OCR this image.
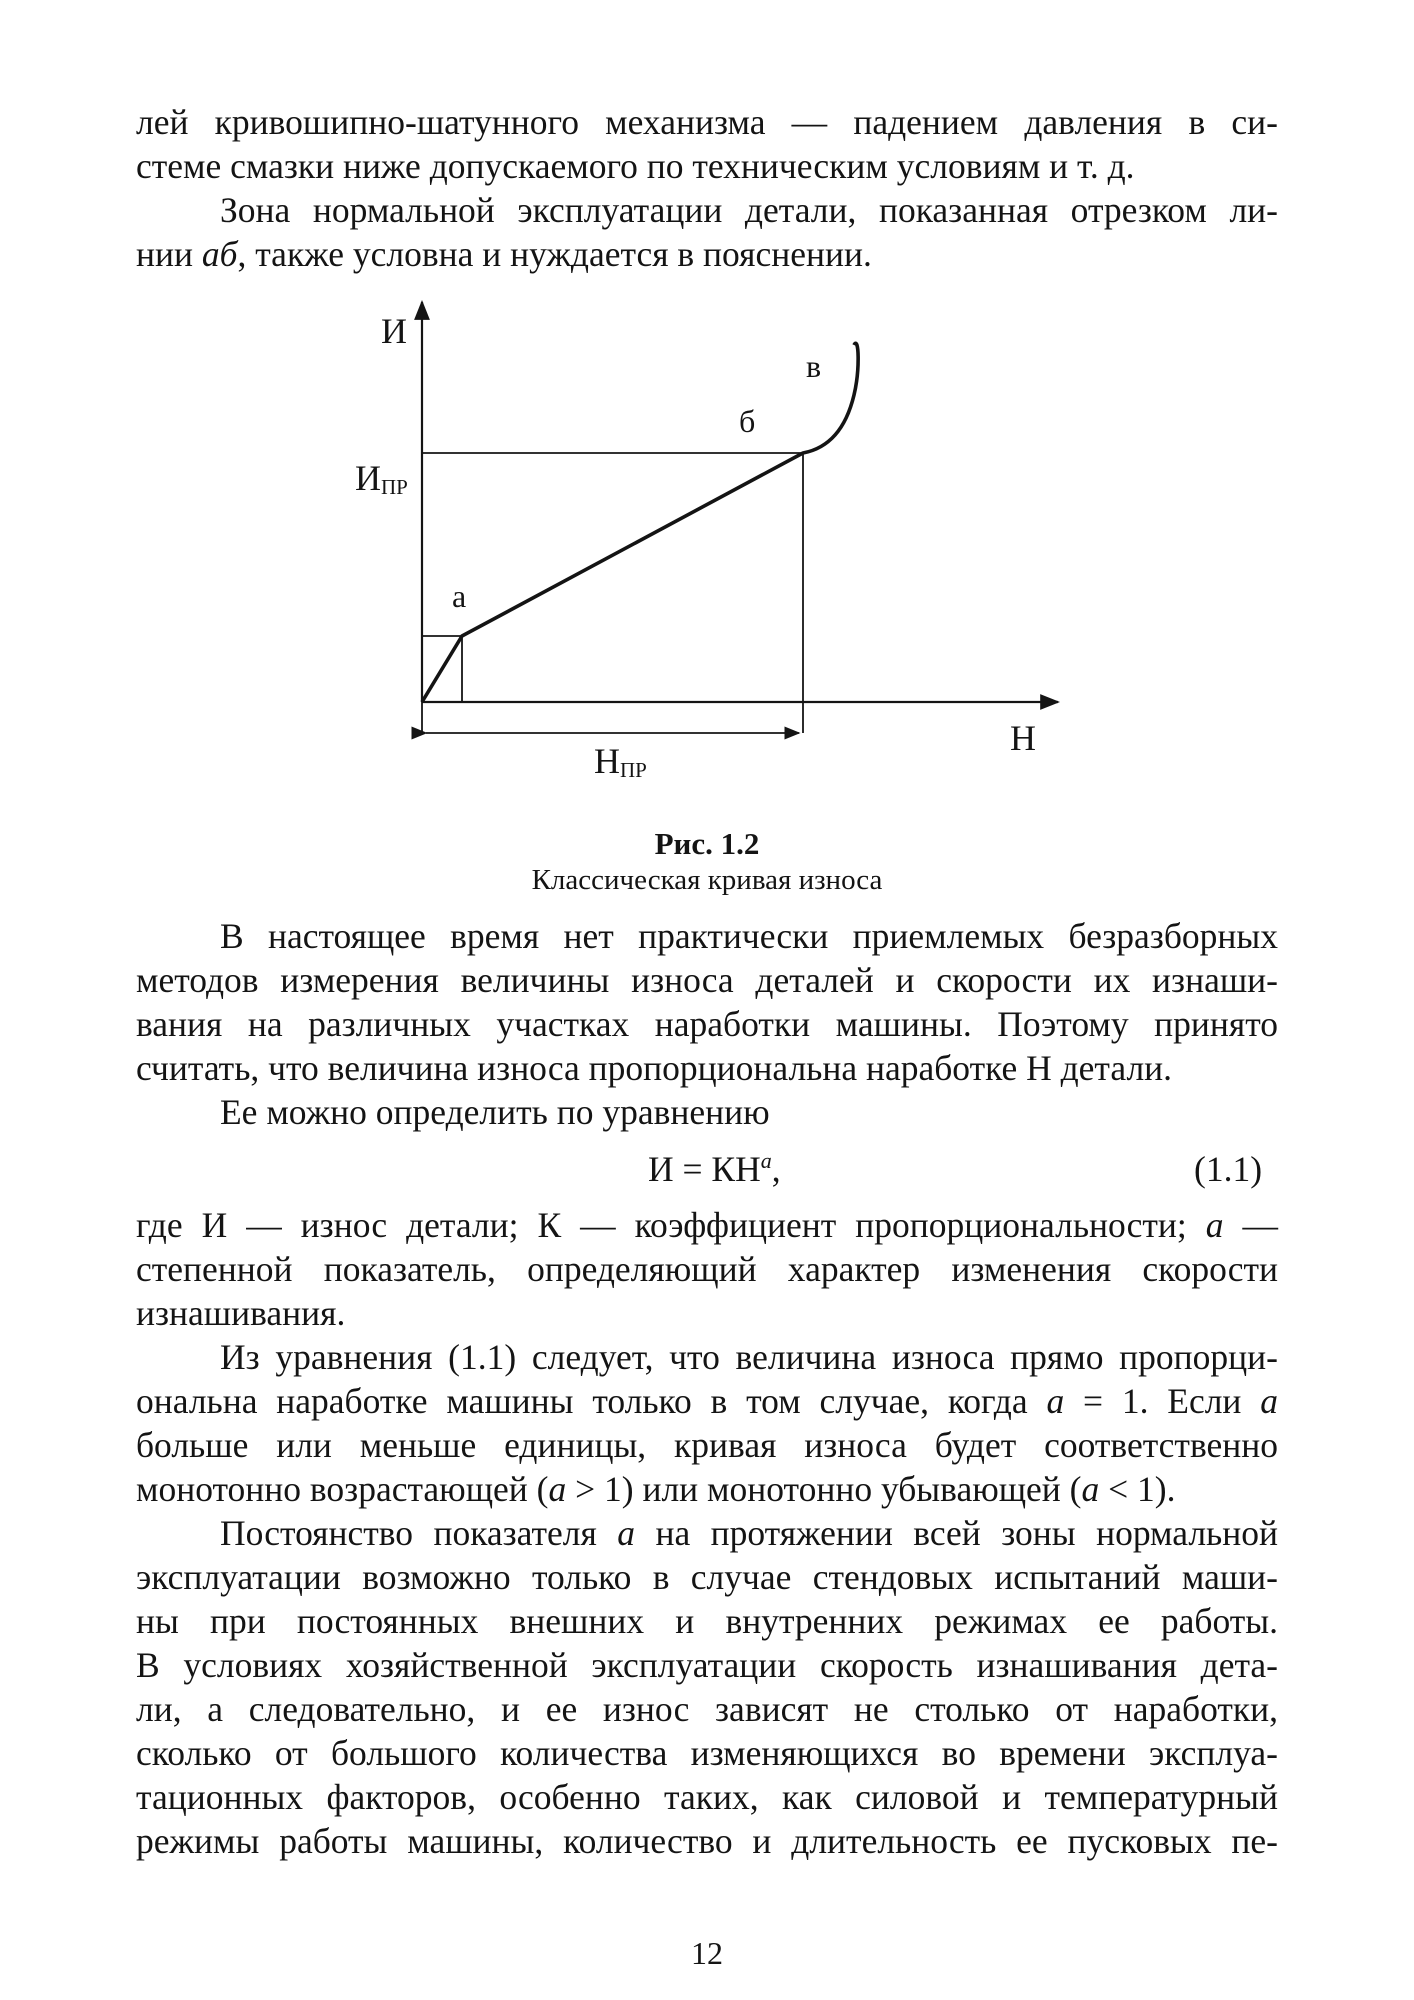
лей кривошипно-шатунного механизма — падением давления в си-

стеме смазки ниже допускаемого по техническим условиям и т. д.

Зона нормальной эксплуатации детали, показанная отрезком ли-

нии аб, также условна и нуждается в пояснении.

И
ИПР
Н
НПР
а
б
в
Рис. 1.2
Классическая кривая износа

В настоящее время нет практически приемлемых безразборных

методов измерения величины износа деталей и скорости их изнаши-

вания на различных участках наработки машины. Поэтому принято

считать, что величина износа пропорциональна наработке Н детали.

Ее можно определить по уравнению

$И = КН^a$,	(1.1)

где И — износ детали; К — коэффициент пропорциональности; a —

степенной показатель, определяющий характер изменения скорости

изнашивания.

Из уравнения (1.1) следует, что величина износа прямо пропорци-

ональна наработке машины только в том случае, когда a = 1. Если a

больше или меньше единицы, кривая износа будет соответственно

монотонно возрастающей (a > 1) или монотонно убывающей (a < 1).

Постоянство показателя a на протяжении всей зоны нормальной

эксплуатации возможно только в случае стендовых испытаний маши-

ны при постоянных внешних и внутренних режимах ее работы.

В условиях хозяйственной эксплуатации скорость изнашивания дета-

ли, а следовательно, и ее износ зависят не столько от наработки,

сколько от большого количества изменяющихся во времени эксплуа-

тационных факторов, особенно таких, как силовой и температурный

режимы работы машины, количество и длительность ее пусковых пе-

12
